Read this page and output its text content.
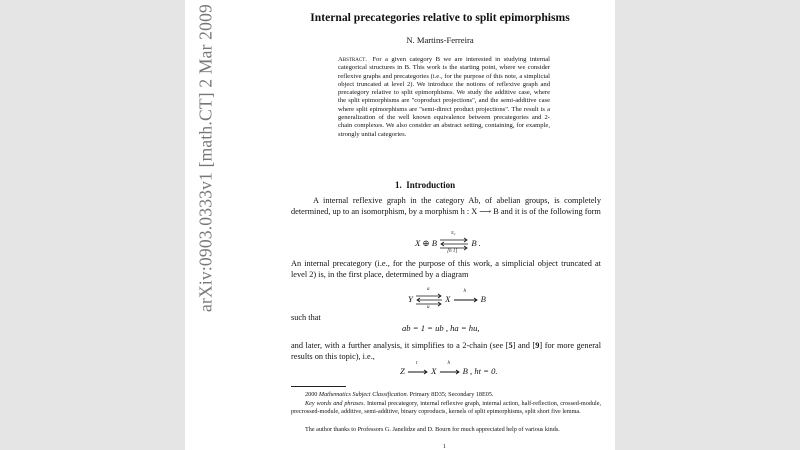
arXiv:0903.0333v1 [math.CT] 2 Mar 2009	Internal precategories relative to split epimorphisms
N. Martins-Ferreira
Abstract. For a given category B we are interested in studying internal categorical structures in B. This work is the starting point, where we consider reflexive graphs and precategories (i.e., for the purpose of this note, a simplicial object truncated at level 2). We introduce the notions of reflexive graph and precategory relative to split epimorphisms. We study the additive case, where the split epimorphisms are "coproduct projections", and the semi-additive case where split epimorphisms are "semi-direct product projections". The result is a generalization of the well known equivalence between precategories and 2-chain complexes. We also consider an abstract setting, containing, for example, strongly unital categories.
1. Introduction
A internal reflexive graph in the category Ab, of abelian groups, is completely determined, up to an isomorphism, by a morphism h : X ⟶ B and it is of the following form
X ⊕ B
π₂
[h 1]
B .
An internal precategory (i.e., for the purpose of this work, a simplicial object truncated at level 2) is, in the first place, determined by a diagram
Y
a
u
X
h
B
such that
ab = 1 = ub , ha = hu,
and later, with a further analysis, it simplifies to a 2-chain (see [5] and [9] for more general results on this topic), i.e.,
Z
t
X
h
B , ht = 0.
2000 Mathematics Subject Classification. Primary 8D35; Secondary 18E05.
Key words and phrases. Internal precategory, internal reflexive graph, internal action, half-reflection, crossed-module, precrossed-module, additive, semi-additive, binary coproducts, kernels of split epimorphisms, split short five lemma.
The author thanks to Professors G. Janelidze and D. Bourn for much appreciated help of various kinds.
1
